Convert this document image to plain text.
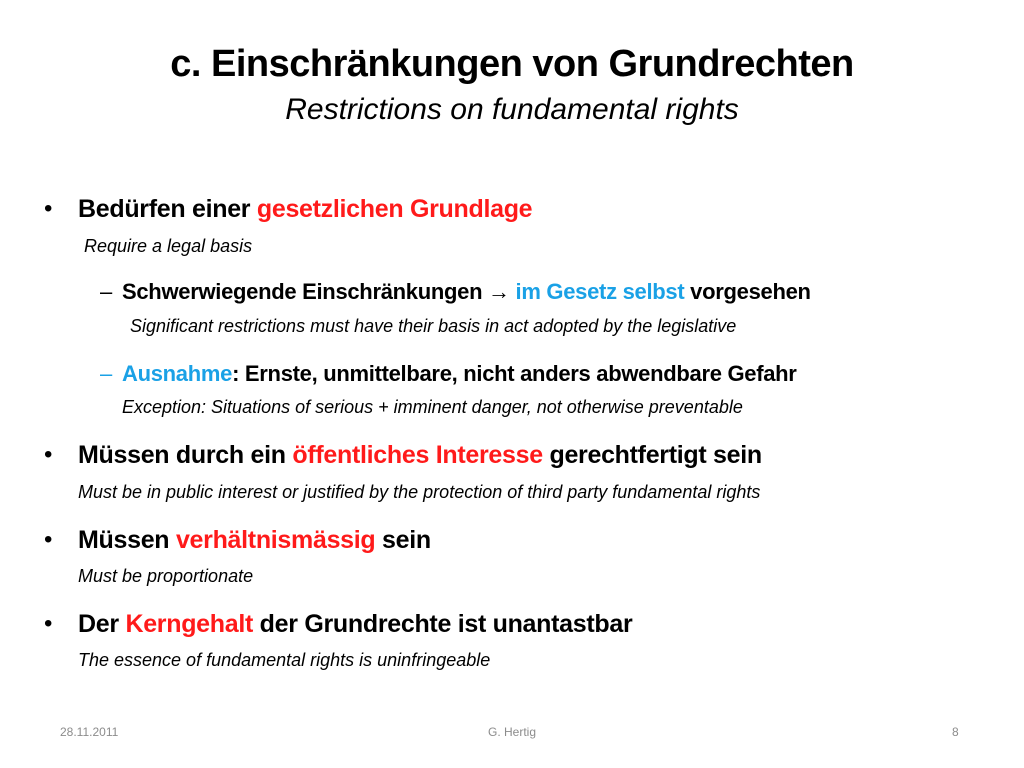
c. Einschränkungen von Grundrechten
Restrictions on fundamental rights
• Bedürfen einer gesetzlichen Grundlage
Require a legal basis
– Schwerwiegende Einschränkungen → im Gesetz selbst vorgesehen
Significant restrictions must have their basis in act adopted by the legislative
– Ausnahme: Ernste, unmittelbare, nicht anders abwendbare Gefahr
Exception: Situations of serious + imminent danger, not otherwise preventable
• Müssen durch ein öffentliches Interesse gerechtfertigt sein
Must be in public interest or justified by the protection of third party fundamental rights
• Müssen verhältnismässig sein
Must be proportionate
• Der Kerngehalt der Grundrechte ist unantastbar
The essence of fundamental rights is uninfringeable
28.11.2011	G. Hertig	8
